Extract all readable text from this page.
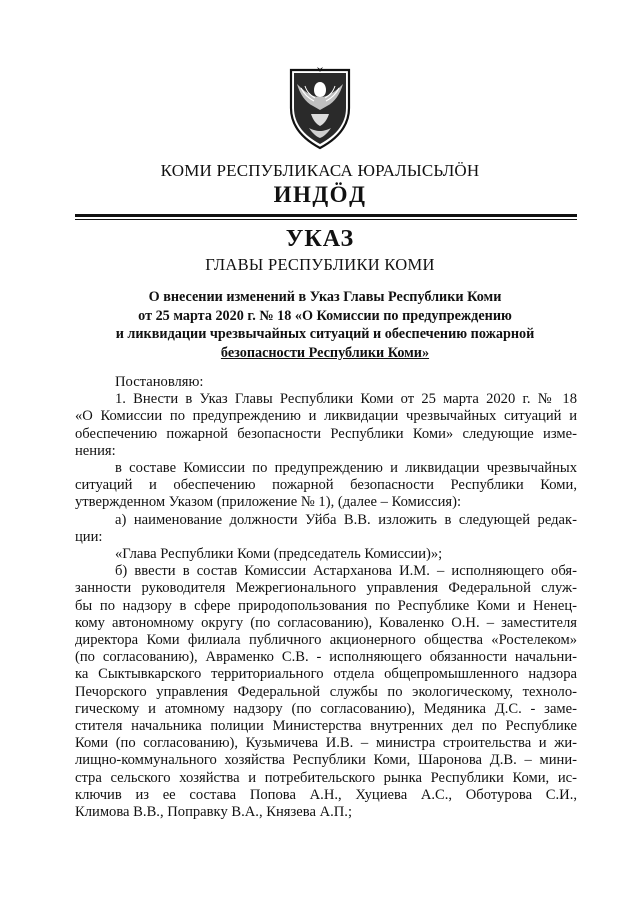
КОМИ РЕСПУБЛИКАСА ЮРАЛЫСЬЛӦН
ИНДӦД
УКАЗ
ГЛАВЫ РЕСПУБЛИКИ КОМИ
О внесении изменений в Указ Главы Республики Коми
от 25 марта 2020 г. № 18 «О Комиссии по предупреждению
и ликвидации чрезвычайных ситуаций и обеспечению пожарной
безопасности Республики Коми»
Постановляю:
1. Внести в Указ Главы Республики Коми от 25 марта 2020 г. № 18
«О Комиссии по предупреждению и ликвидации чрезвычайных ситуаций и
обеспечению пожарной безопасности Республики Коми» следующие изме-
нения:
в составе Комиссии по предупреждению и ликвидации чрезвычайных
ситуаций и обеспечению пожарной безопасности Республики Коми,
утвержденном Указом (приложение № 1), (далее – Комиссия):
а) наименование должности Уйба В.В. изложить в следующей редак-
ции:
«Глава Республики Коми (председатель Комиссии)»;
б) ввести в состав Комиссии Астарханова И.М. – исполняющего обя-
занности руководителя Межрегионального управления Федеральной служ-
бы по надзору в сфере природопользования по Республике Коми и Ненец-
кому автономному округу (по согласованию), Коваленко О.Н. – заместителя
директора Коми филиала публичного акционерного общества «Ростелеком»
(по согласованию), Авраменко С.В. - исполняющего обязанности начальни-
ка Сыктывкарского территориального отдела общепромышленного надзора
Печорского управления Федеральной службы по экологическому, техноло-
гическому и атомному надзору (по согласованию), Медяника Д.С. - заме-
стителя начальника полиции Министерства внутренних дел по Республике
Коми (по согласованию), Кузьмичева И.В. – министра строительства и жи-
лищно-коммунального хозяйства Республики Коми, Шаронова Д.В. – мини-
стра сельского хозяйства и потребительского рынка Республики Коми, ис-
ключив из ее состава Попова А.Н., Хуциева А.С., Оботурова С.И.,
Климова В.В., Поправку В.А., Князева А.П.;
